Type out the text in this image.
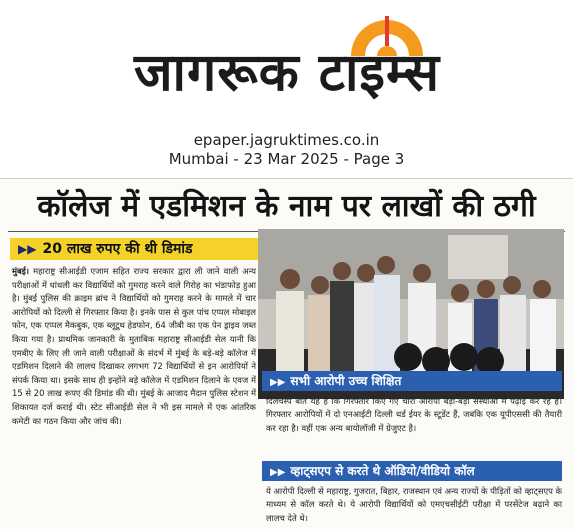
जागरूक टाइम्स
epaper.jagruktimes.co.in
Mumbai - 23 Mar 2025 - Page 3
कॉलेज में एडमिशन के नाम पर लाखों की ठगी
▶▶ 20 लाख रुपए की थी डिमांड
मुंबई। महाराष्ट्र सीआईडी एजाम सहित राज्य सरकार द्वारा ली जाने वाली अन्य परीक्षाओं में धांधली कर विद्यार्थियों को गुमराह करने वाले गिरोह का भंडाफोड़ हुआ है। मुंबई पुलिस की क्राइम ब्रांच ने विद्यार्थियों को गुमराह करने के मामले में चार आरोपियों को दिल्ली से गिरफ्तार किया है। इनके पास से कुल पांच एप्पल मोबाइल फोन, एक एप्पल मैकबुक, एक ब्लूटूथ हेडफोन, 64 जीबी का एक पेन ड्राइव जब्त किया गया है। प्राथमिक जानकारी के मुताबिक महाराष्ट्र सीआईडी सेल यानी कि एमबीए के लिए ली जाने वाली परीक्षाओं के संदर्भ में मुंबई के बड़े-बड़े कॉलेज में एडमिशन दिलाने की लालच दिखाकर लगभग 72 विद्यार्थियों से इन आरोपियों ने संपर्क किया था। इसके साथ ही इन्होंने बड़े कॉलेज में एडमिशन दिलाने के एवज में 15 से 20 लाख रूपए की डिमांड की थी। मुंबई के आजाद मैदान पुलिस स्टेशन में शिकायत दर्ज कराई थी। स्टेट सीआईडी सेल ने भी इस मामले में एक आंतरिक कमेटी का गठन किया और जांच की।
▶▶ सभी आरोपी उच्च शिक्षित
दिलचस्प बात यह है कि गिरफ्तार किए गए चारों आरोपी बड़ी-बड़ी संस्थाओं में पढ़ाई कर रहे हैं। गिरफ्तार आरोपियों में दो एनआईटी दिल्ली थर्ड ईयर के स्टूडेंट हैं, जबकि एक यूपीएससी की तैयारी कर रहा है। वहीं एक अन्य बायोलॉजी में ग्रेजुएट है।
▶▶ व्हाट्सएप से करते थे ऑडियो/वीडियो कॉल
ये आरोपी दिल्ली से महाराष्ट्र, गुजरात, बिहार, राजस्थान एवं अन्य राज्यों के पीड़ितों को व्हाट्सएप के माध्यम से कॉल करते थे। ये आरोपी विद्यार्थियों को एमएचसीईटी परीक्षा में परसेंटेज बढ़ाने का लालच देते थे।
